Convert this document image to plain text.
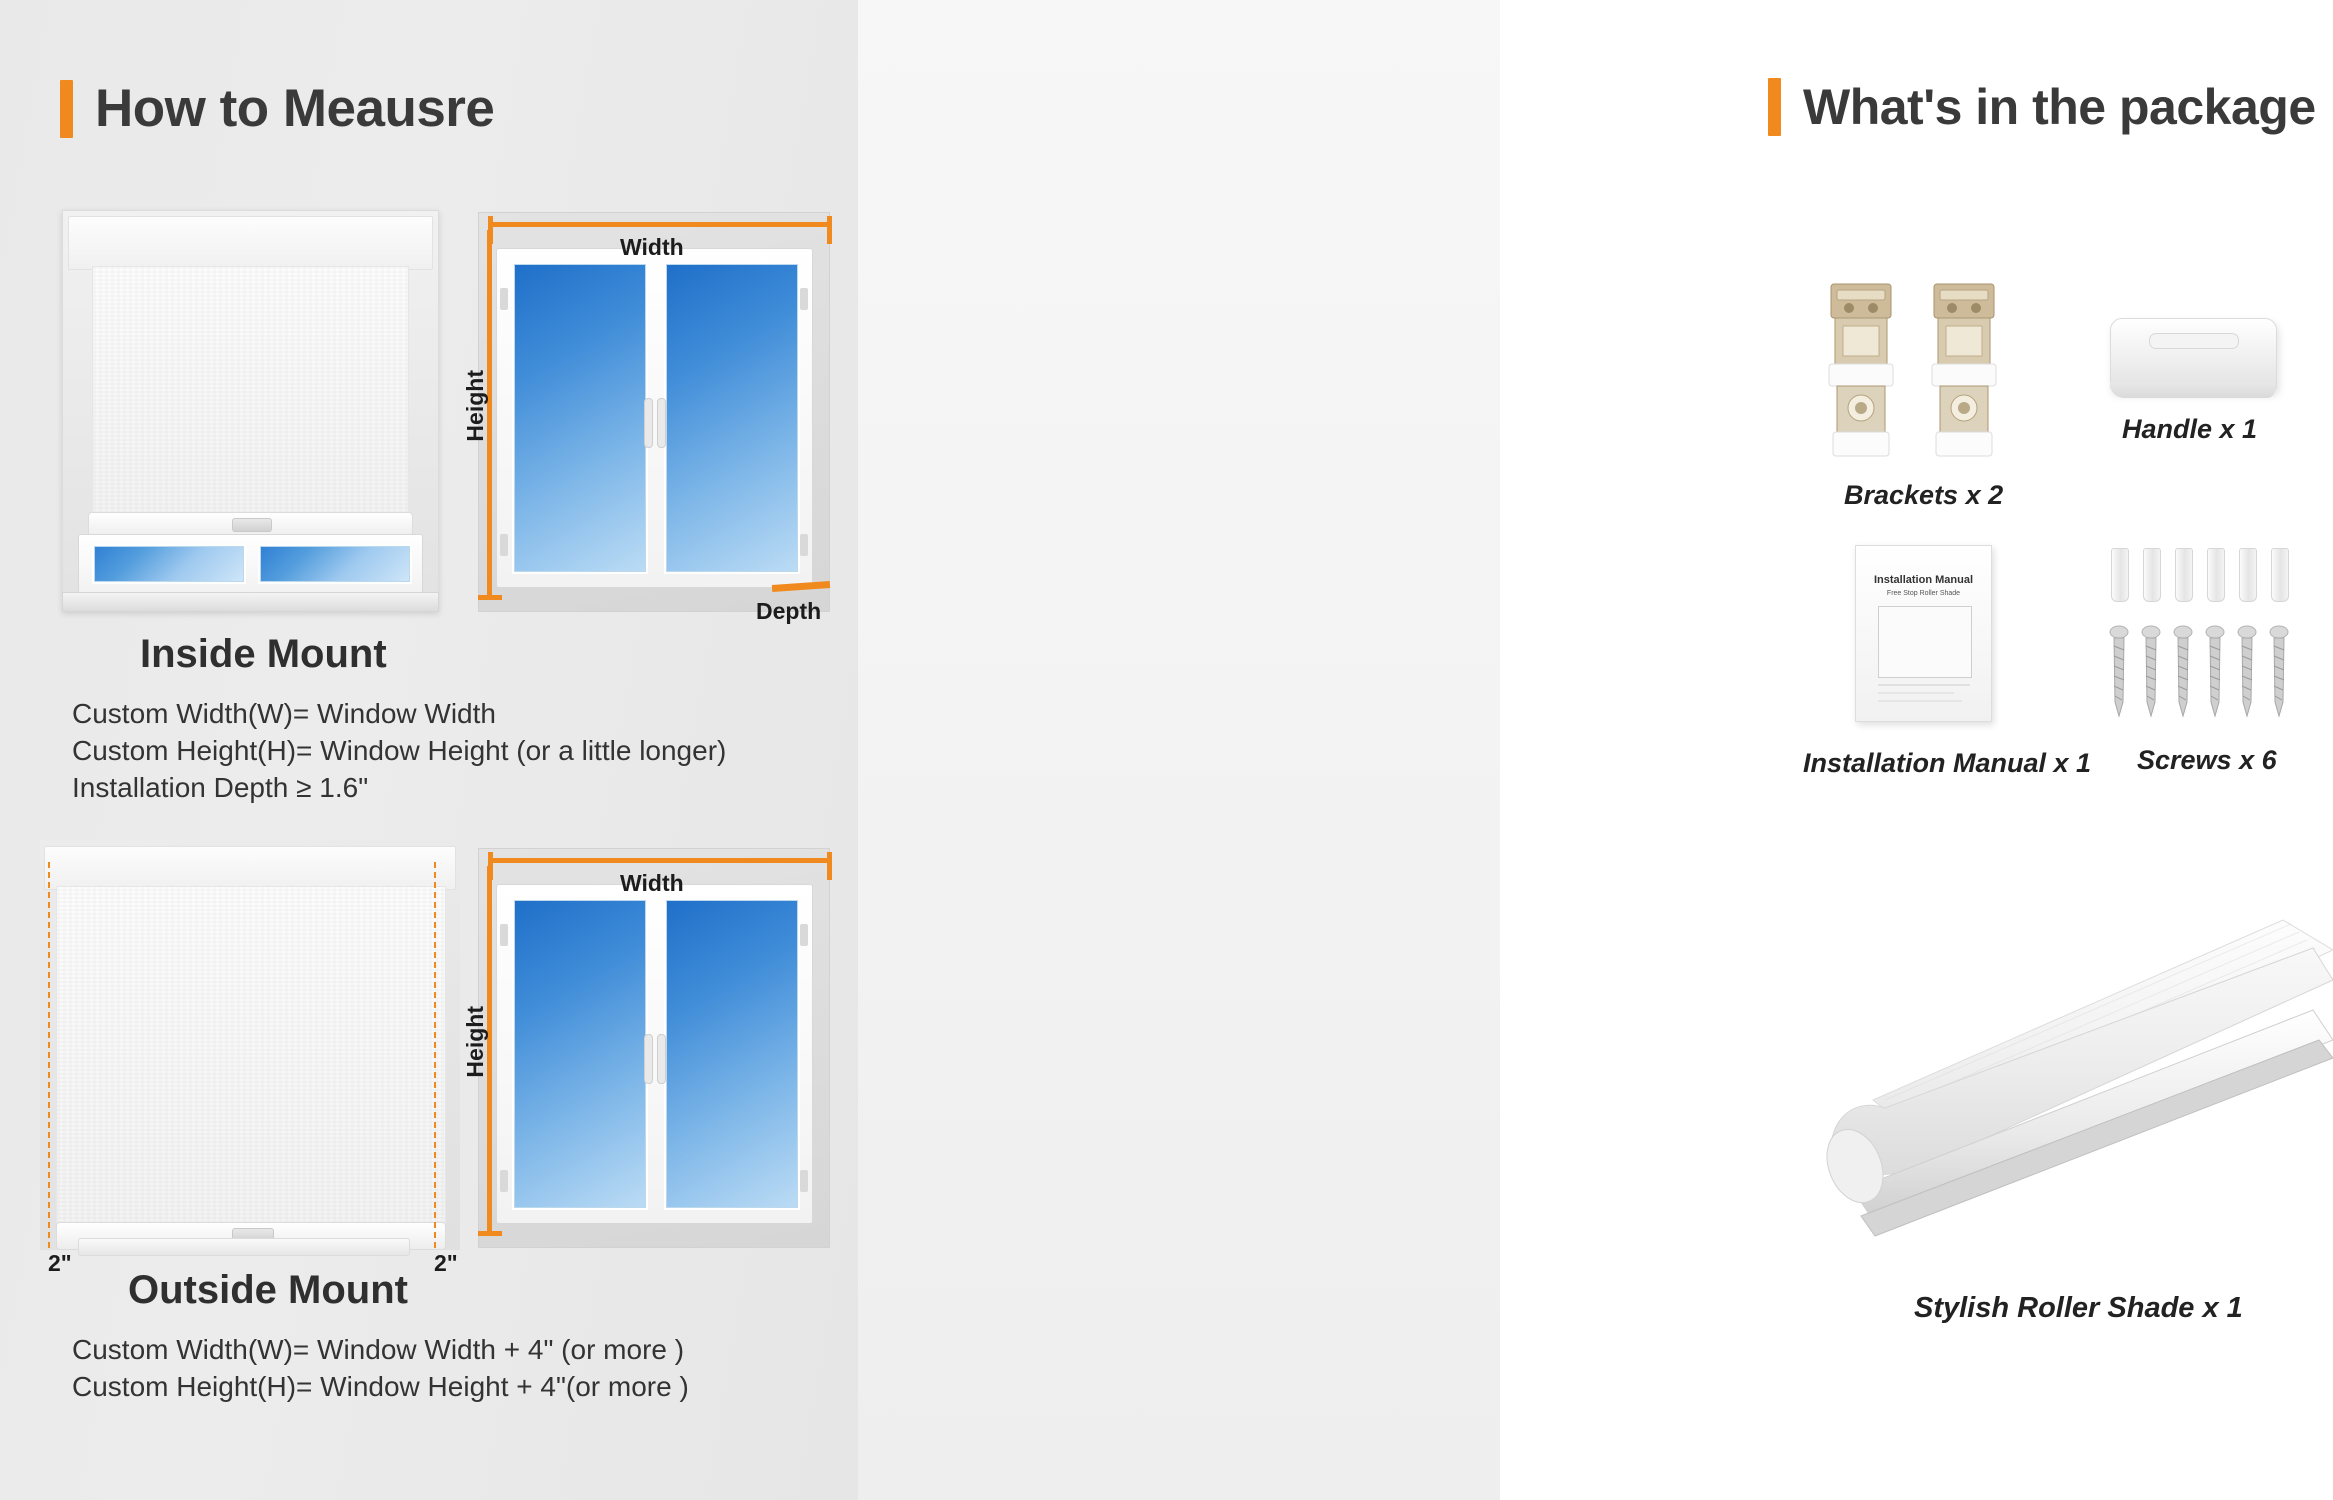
How to Meausre
Width
Height
Depth
Inside Mount
Custom Width(W)= Window Width
Custom Height(H)= Window Height (or a little longer)
Installation Depth ≥ 1.6"
2"	2"
Width
Height
Outside Mount
Custom Width(W)= Window Width + 4" (or more )
Custom Height(H)= Window Height + 4"(or more )
What's in the package
Brackets x 2
Handle x 1
Installation Manual
Free Stop Roller Shade
Installation Manual x 1 Screws x 6
Stylish Roller Shade x 1
